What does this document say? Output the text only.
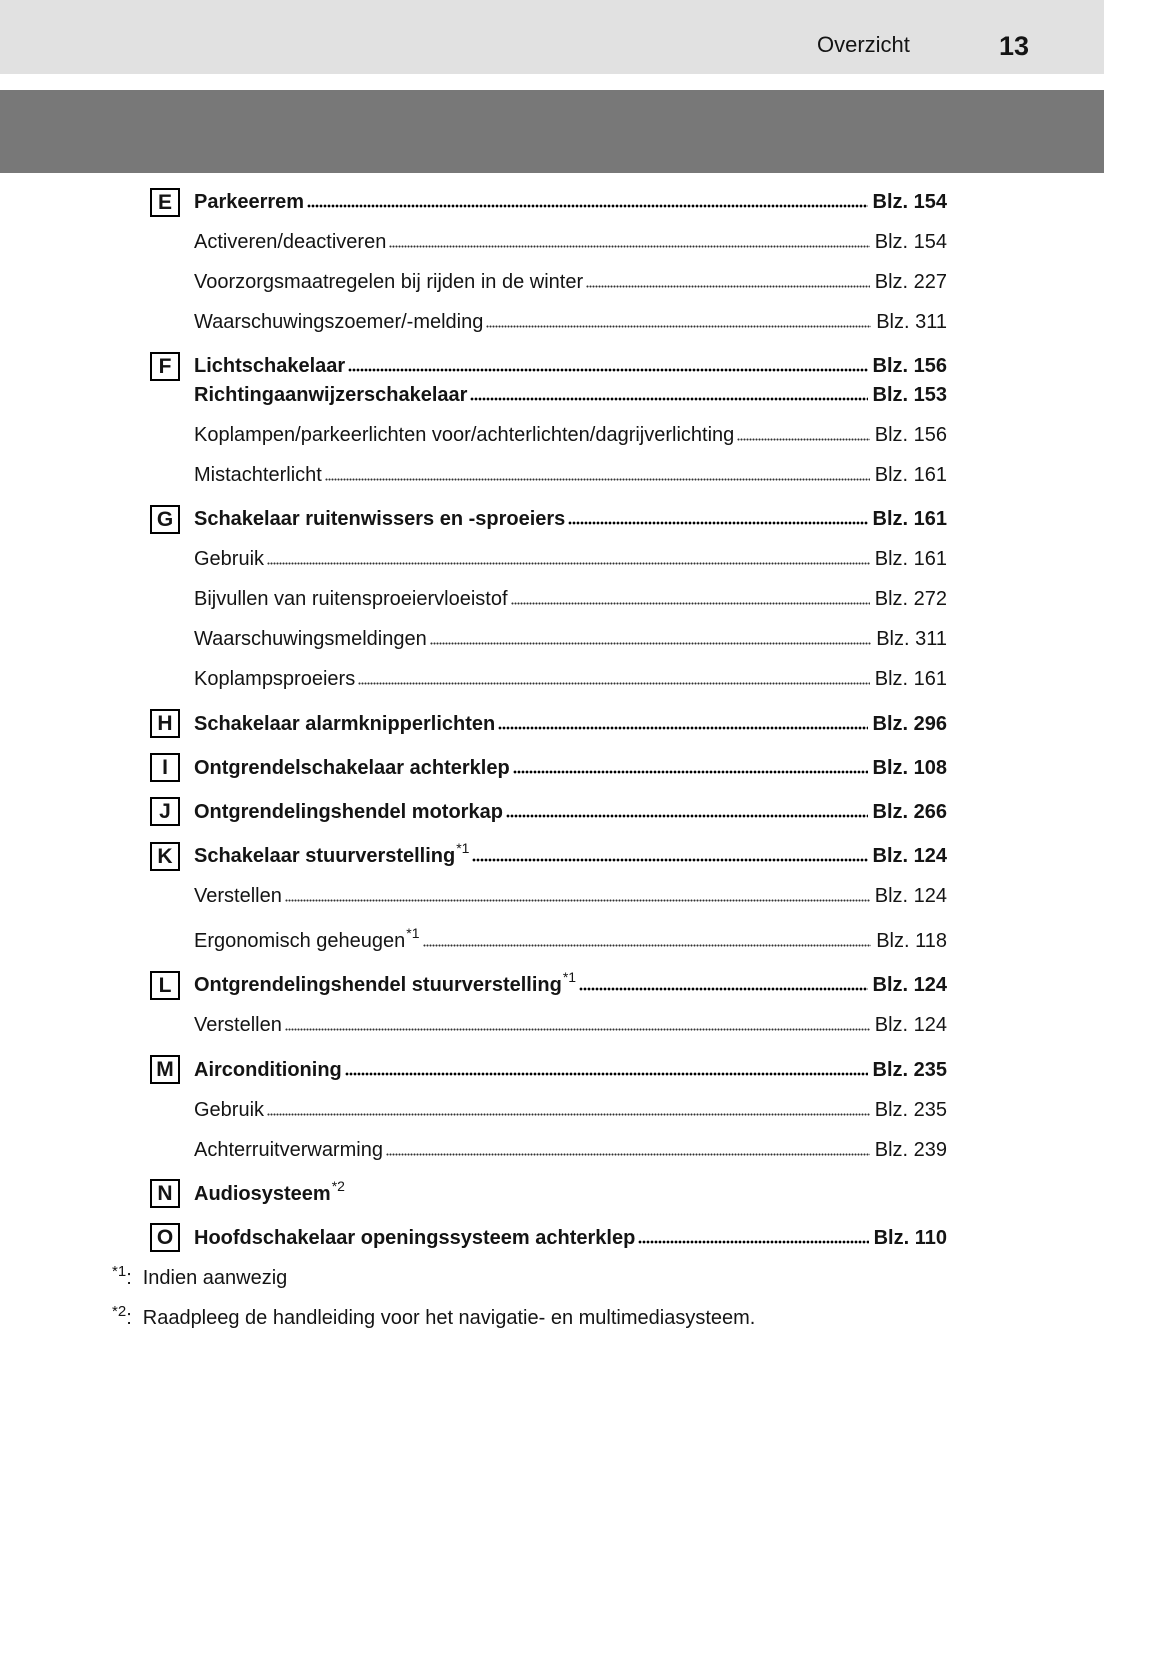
Overzicht	13
E	Parkeerrem	Blz. 154
Activeren/deactiveren	Blz. 154
Voorzorgsmaatregelen bij rijden in de winter	Blz. 227
Waarschuwingszoemer/-melding	Blz. 311
F	Lichtschakelaar	Blz. 156
Richtingaanwijzerschakelaar	Blz. 153
Koplampen/parkeerlichten voor/achterlichten/dagrijverlichting	Blz. 156
Mistachterlicht	Blz. 161
G	Schakelaar ruitenwissers en -sproeiers	Blz. 161
Gebruik	Blz. 161
Bijvullen van ruitensproeiervloeistof	Blz. 272
Waarschuwingsmeldingen	Blz. 311
Koplampsproeiers	Blz. 161
H	Schakelaar alarmknipperlichten	Blz. 296
I	Ontgrendelschakelaar achterklep	Blz. 108
J	Ontgrendelingshendel motorkap	Blz. 266
K	Schakelaar stuurverstelling$^{*1}$	Blz. 124
Verstellen	Blz. 124
Ergonomisch geheugen$^{*1}$	Blz. 118
L	Ontgrendelingshendel stuurverstelling$^{*1}$	Blz. 124
Verstellen	Blz. 124
M	Airconditioning	Blz. 235
Gebruik	Blz. 235
Achterruitverwarming	Blz. 239
N	Audiosysteem$^{*2}$
O	Hoofdschakelaar openingssysteem achterklep	Blz. 110
*1 : Indien aanwezig
*2 : Raadpleeg de handleiding voor het navigatie- en multimediasysteem.
